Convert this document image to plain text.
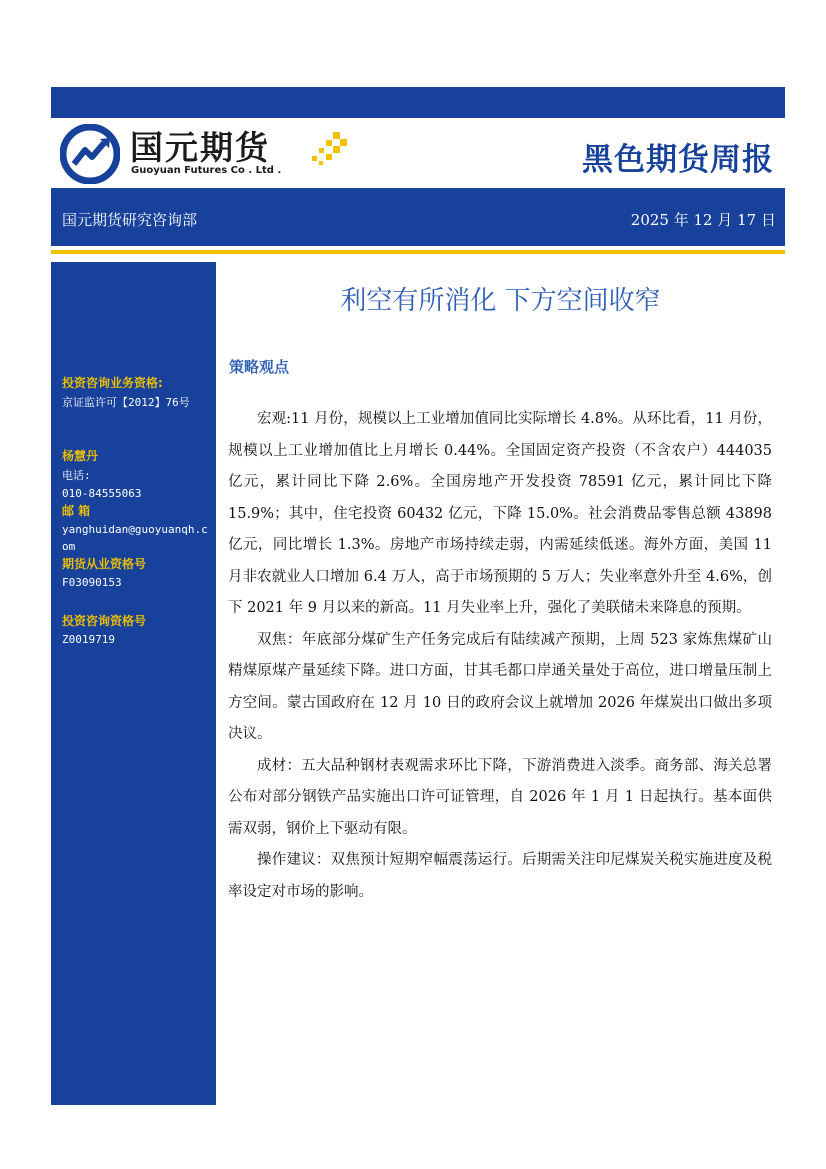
国元期货
Guoyuan Futures Co . Ltd .	黑色期货周报
国元期货研究咨询部	2025 年 12 月 17 日
投资咨询业务资格:
京证监许可【2012】76号
杨慧丹
电话:
010-84555063
邮 箱
yanghuidan@guoyuanqh.com
期货从业资格号
F03090153
投资咨询资格号
Z0019719
利空有所消化 下方空间收窄
策略观点

宏观:11 月份，规模以上工业增加值同比实际增长 4.8%。从环比看，11 月份，规模以上工业增加值比上月增长 0.44%。全国固定资产投资（不含农户）444035 亿元，累计同比下降 2.6%。全国房地产开发投资 78591 亿元，累计同比下降 15.9%；其中，住宅投资 60432 亿元，下降 15.0%。社会消费品零售总额 43898 亿元，同比增长 1.3%。房地产市场持续走弱，内需延续低迷。海外方面，美国 11 月非农就业人口增加 6.4 万人，高于市场预期的 5 万人；失业率意外升至 4.6%，创下 2021 年 9 月以来的新高。11 月失业率上升，强化了美联储未来降息的预期。

双焦：年底部分煤矿生产任务完成后有陆续减产预期，上周 523 家炼焦煤矿山精煤原煤产量延续下降。进口方面，甘其毛都口岸通关量处于高位，进口增量压制上方空间。蒙古国政府在 12 月 10 日的政府会议上就增加 2026 年煤炭出口做出多项决议。

成材：五大品种钢材表观需求环比下降，下游消费进入淡季。商务部、海关总署公布对部分钢铁产品实施出口许可证管理，自 2026 年 1 月 1 日起执行。基本面供需双弱，钢价上下驱动有限。

操作建议：双焦预计短期窄幅震荡运行。后期需关注印尼煤炭关税实施进度及税率设定对市场的影响。
